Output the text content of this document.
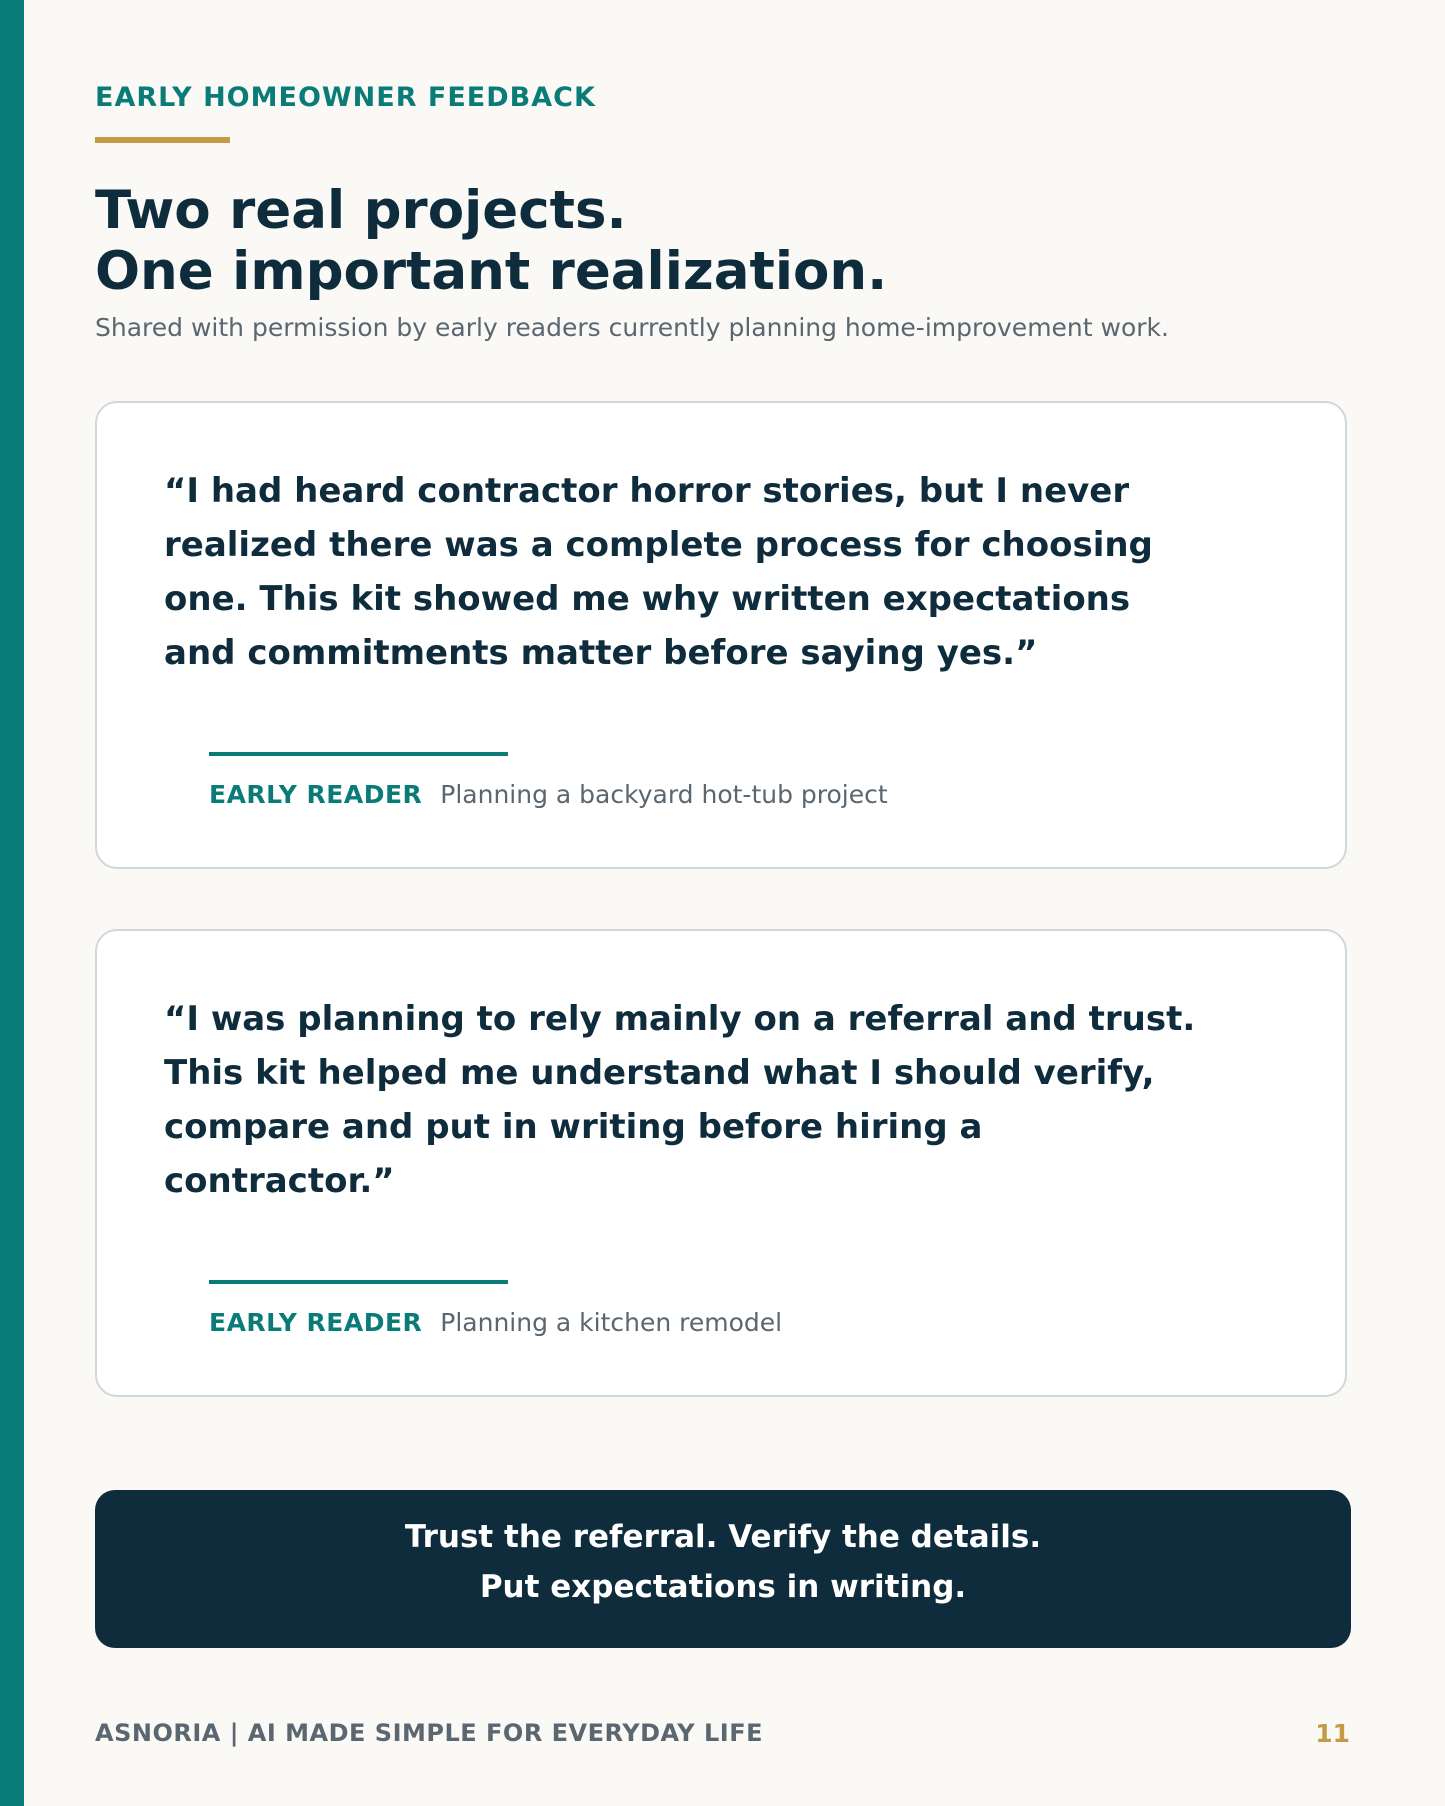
EARLY HOMEOWNER FEEDBACK
Two real projects.
One important realization.
Shared with permission by early readers currently planning home-improvement work.

“I had heard contractor horror stories, but I never
realized there was a complete process for choosing
one. This kit showed me why written expectations
and commitments matter before saying yes.”

EARLY READER Planning a backyard hot-tub project

“I was planning to rely mainly on a referral and trust.
This kit helped me understand what I should verify,
compare and put in writing before hiring a
contractor.”

EARLY READER Planning a kitchen remodel
Trust the referral. Verify the details.
Put expectations in writing.
ASNORIA | AI MADE SIMPLE FOR EVERYDAY LIFE	11
